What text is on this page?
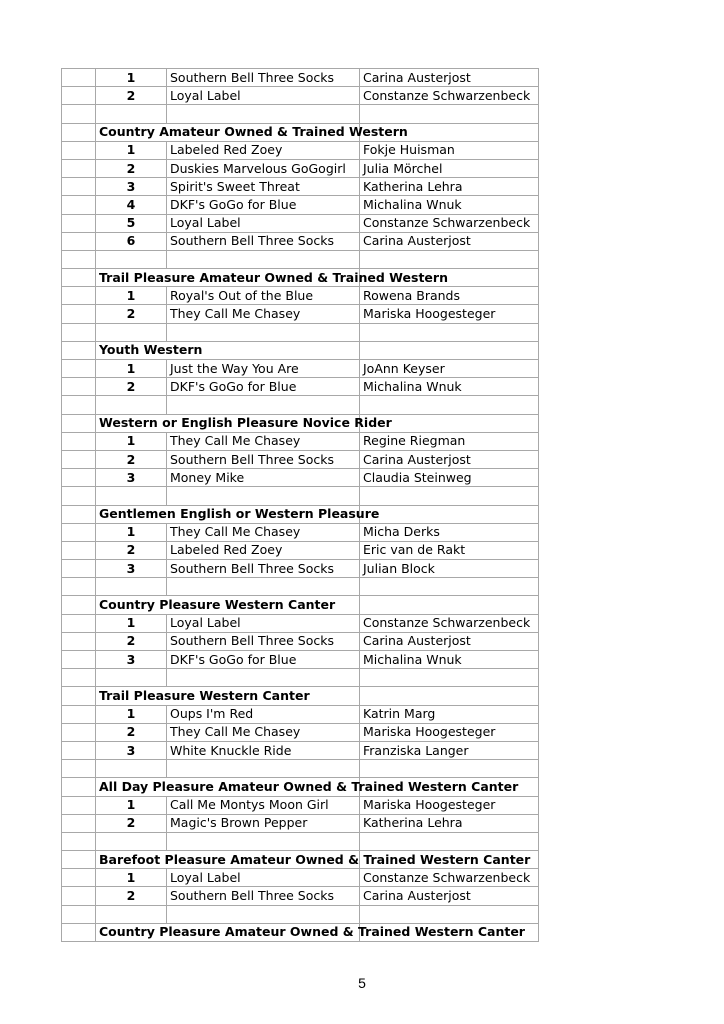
	1	Southern Bell Three Socks	Carina Austerjost
	2	Loyal Label	Constanze Schwarzenbeck

	Country Amateur Owned & Trained Western		
	1	Labeled Red Zoey	Fokje Huisman
	2	Duskies Marvelous GoGogirl	Julia Mörchel
	3	Spirit's Sweet Threat	Katherina Lehra
	4	DKF's GoGo for Blue	Michalina Wnuk
	5	Loyal Label	Constanze Schwarzenbeck
	6	Southern Bell Three Socks	Carina Austerjost

	Trail Pleasure Amateur Owned & Trained Western		
	1	Royal's Out of the Blue	Rowena Brands
	2	They Call Me Chasey	Mariska Hoogesteger

	Youth Western		
	1	Just the Way You Are	JoAnn Keyser
	2	DKF's GoGo for Blue	Michalina Wnuk

	Western or English Pleasure Novice Rider		
	1	They Call Me Chasey	Regine Riegman
	2	Southern Bell Three Socks	Carina Austerjost
	3	Money Mike	Claudia Steinweg

	Gentlemen English or Western Pleasure		
	1	They Call Me Chasey	Micha Derks
	2	Labeled Red Zoey	Eric van de Rakt
	3	Southern Bell Three Socks	Julian Block

	Country Pleasure Western Canter		
	1	Loyal Label	Constanze Schwarzenbeck
	2	Southern Bell Three Socks	Carina Austerjost
	3	DKF's GoGo for Blue	Michalina Wnuk

	Trail Pleasure Western Canter		
	1	Oups I'm Red	Katrin Marg
	2	They Call Me Chasey	Mariska Hoogesteger
	3	White Knuckle Ride	Franziska Langer

	All Day Pleasure Amateur Owned & Trained Western Canter		
	1	Call Me Montys Moon Girl	Mariska Hoogesteger
	2	Magic's Brown Pepper	Katherina Lehra

	Barefoot Pleasure Amateur Owned & Trained Western Canter		
	1	Loyal Label	Constanze Schwarzenbeck
	2	Southern Bell Three Socks	Carina Austerjost

	Country Pleasure Amateur Owned & Trained Western Canter		
5
